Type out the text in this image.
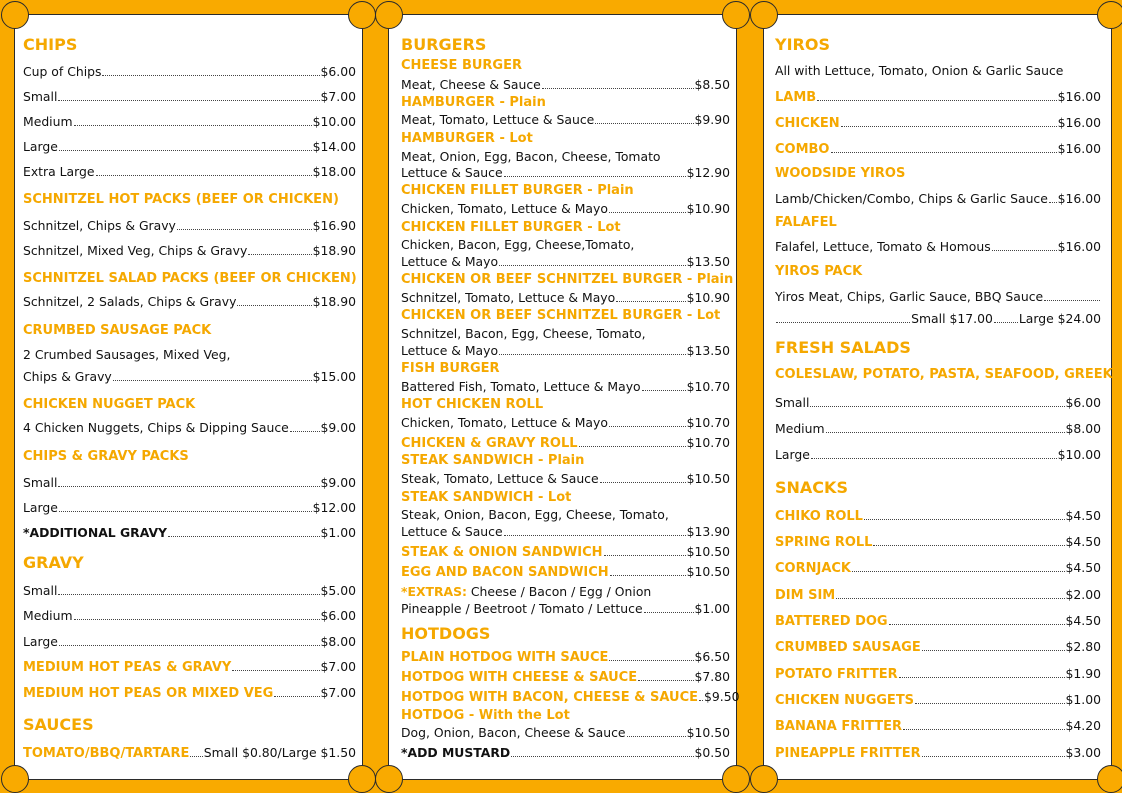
CHIPS
Cup of Chips	$6.00
Small	$7.00
Medium	$10.00
Large	$14.00
Extra Large	$18.00
SCHNITZEL HOT PACKS (BEEF OR CHICKEN)
Schnitzel, Chips & Gravy	$16.90
Schnitzel, Mixed Veg, Chips & Gravy	$18.90
SCHNITZEL SALAD PACKS (BEEF OR CHICKEN)
Schnitzel, 2 Salads, Chips & Gravy	$18.90
CRUMBED SAUSAGE PACK
2 Crumbed Sausages, Mixed Veg,
Chips & Gravy	$15.00
CHICKEN NUGGET PACK
4 Chicken Nuggets, Chips & Dipping Sauce	$9.00
CHIPS & GRAVY PACKS
Small	$9.00
Large	$12.00
*ADDITIONAL GRAVY	$1.00
GRAVY
Small	$5.00
Medium	$6.00
Large	$8.00
MEDIUM HOT PEAS & GRAVY	$7.00
MEDIUM HOT PEAS OR MIXED VEG	$7.00
SAUCES
TOMATO/BBQ/TARTARE Small $0.80/Large $1.50
BURGERS
CHEESE BURGER
Meat, Cheese & Sauce	$8.50
HAMBURGER - Plain
Meat, Tomato, Lettuce & Sauce	$9.90
HAMBURGER - Lot
Meat, Onion, Egg, Bacon, Cheese, Tomato
Lettuce & Sauce	$12.90
CHICKEN FILLET BURGER - Plain
Chicken, Tomato, Lettuce & Mayo	$10.90
CHICKEN FILLET BURGER - Lot
Chicken, Bacon, Egg, Cheese,Tomato,
Lettuce & Mayo	$13.50
CHICKEN OR BEEF SCHNITZEL BURGER - Plain
Schnitzel, Tomato, Lettuce & Mayo	$10.90
CHICKEN OR BEEF SCHNITZEL BURGER - Lot
Schnitzel, Bacon, Egg, Cheese, Tomato,
Lettuce & Mayo	$13.50
FISH BURGER
Battered Fish, Tomato, Lettuce & Mayo	$10.70
HOT CHICKEN ROLL
Chicken, Tomato, Lettuce & Mayo	$10.70
CHICKEN & GRAVY ROLL	$10.70
STEAK SANDWICH - Plain
Steak, Tomato, Lettuce & Sauce	$10.50
STEAK SANDWICH - Lot
Steak, Onion, Bacon, Egg, Cheese, Tomato,
Lettuce & Sauce	$13.90
STEAK & ONION SANDWICH	$10.50
EGG AND BACON SANDWICH	$10.50
*EXTRAS: Cheese / Bacon / Egg / Onion
Pineapple / Beetroot / Tomato / Lettuce	$1.00
HOTDOGS
PLAIN HOTDOG WITH SAUCE	$6.50
HOTDOG WITH CHEESE & SAUCE	$7.80
HOTDOG WITH BACON, CHEESE & SAUCE $9.50
HOTDOG - With the Lot
Dog, Onion, Bacon, Cheese & Sauce	$10.50
*ADD MUSTARD	$0.50
YIROS
All with Lettuce, Tomato, Onion & Garlic Sauce
LAMB	$16.00
CHICKEN	$16.00
COMBO	$16.00
WOODSIDE YIROS
Lamb/Chicken/Combo, Chips & Garlic Sauce $16.00
FALAFEL
Falafel, Lettuce, Tomato & Homous	$16.00
YIROS PACK
Yiros Meat, Chips, Garlic Sauce, BBQ Sauce
Small $17.00 Large $24.00
FRESH SALADS
COLESLAW, POTATO, PASTA, SEAFOOD, GREEK
Small	$6.00
Medium	$8.00
Large	$10.00
SNACKS
CHIKO ROLL	$4.50
SPRING ROLL	$4.50
CORNJACK	$4.50
DIM SIM	$2.00
BATTERED DOG	$4.50
CRUMBED SAUSAGE	$2.80
POTATO FRITTER	$1.90
CHICKEN NUGGETS	$1.00
BANANA FRITTER	$4.20
PINEAPPLE FRITTER	$3.00
